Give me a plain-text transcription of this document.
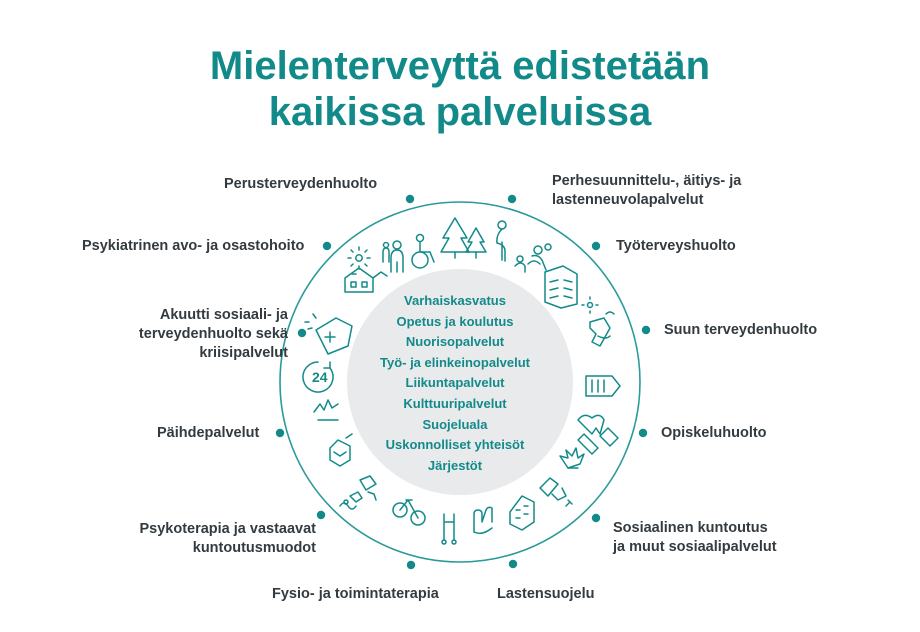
Mielenterveyttä edistetään
kaikissa palveluissa
24
Perusterveydenhuolto	Perhesuunnittelu-, äitiys- ja
lastenneuvolapalvelut
Psykiatrinen avo- ja osastohoito	Työterveyshuolto
Akuutti sosiaali- ja
terveydenhuolto sekä
kriisipalvelut
Suun terveydenhuolto
Päihdepalvelut	Opiskeluhuolto
Psykoterapia ja vastaavat
kuntoutusmuodot
Sosiaalinen kuntoutus
ja muut sosiaalipalvelut
Fysio- ja toimintaterapia	Lastensuojelu
Varhaiskasvatus
Opetus ja koulutus
Nuorisopalvelut
Työ- ja elinkeinopalvelut
Liikuntapalvelut
Kulttuuripalvelut
Suojeluala
Uskonnolliset yhteisöt
Järjestöt
